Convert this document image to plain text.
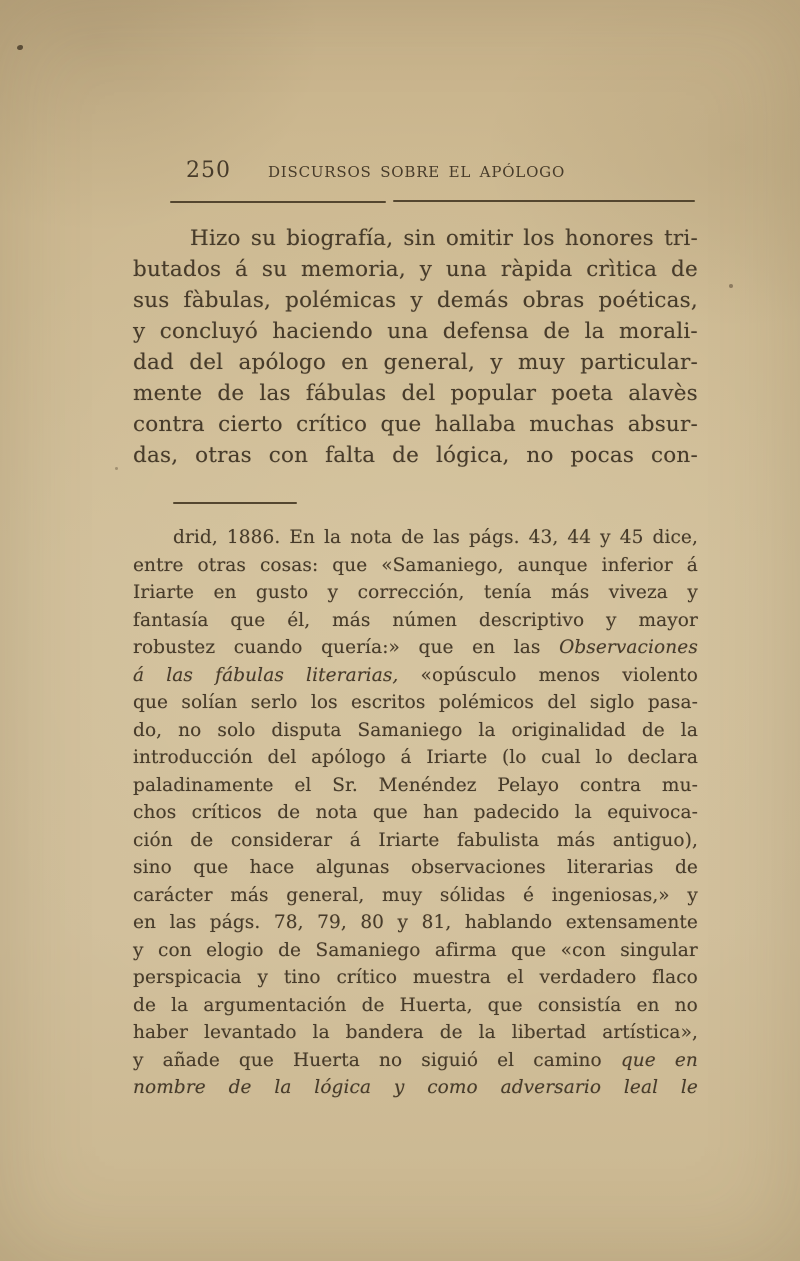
250	DISCURSOS SOBRE EL APÓLOGO
Hizo su biografía, sin omitir los honores tri-
butados á su memoria, y una ràpida crìtica de
sus fàbulas, polémicas y demás obras poéticas,
y concluyó haciendo una defensa de la morali-
dad del apólogo en general, y muy particular-
mente de las fábulas del popular poeta alavès
contra cierto crítico que hallaba muchas absur-
das, otras con falta de lógica, no pocas con-
drid, 1886. En la nota de las págs. 43, 44 y 45 dice,
entre otras cosas: que «Samaniego, aunque inferior á
Iriarte en gusto y corrección, tenía más viveza y
fantasía que él, más númen descriptivo y mayor
robustez cuando quería:» que en las Observaciones
á las fábulas literarias, «opúsculo menos violento
que solían serlo los escritos polémicos del siglo pasa-
do, no solo disputa Samaniego la originalidad de la
introducción del apólogo á Iriarte (lo cual lo declara
paladinamente el Sr. Menéndez Pelayo contra mu-
chos críticos de nota que han padecido la equivoca-
ción de considerar á Iriarte fabulista más antiguo),
sino que hace algunas observaciones literarias de
carácter más general, muy sólidas é ingeniosas,» y
en las págs. 78, 79, 80 y 81, hablando extensamente
y con elogio de Samaniego afirma que «con singular
perspicacia y tino crítico muestra el verdadero flaco
de la argumentación de Huerta, que consistía en no
haber levantado la bandera de la libertad artística»,
y añade que Huerta no siguió el camino que en
nombre de la lógica y como adversario leal le
